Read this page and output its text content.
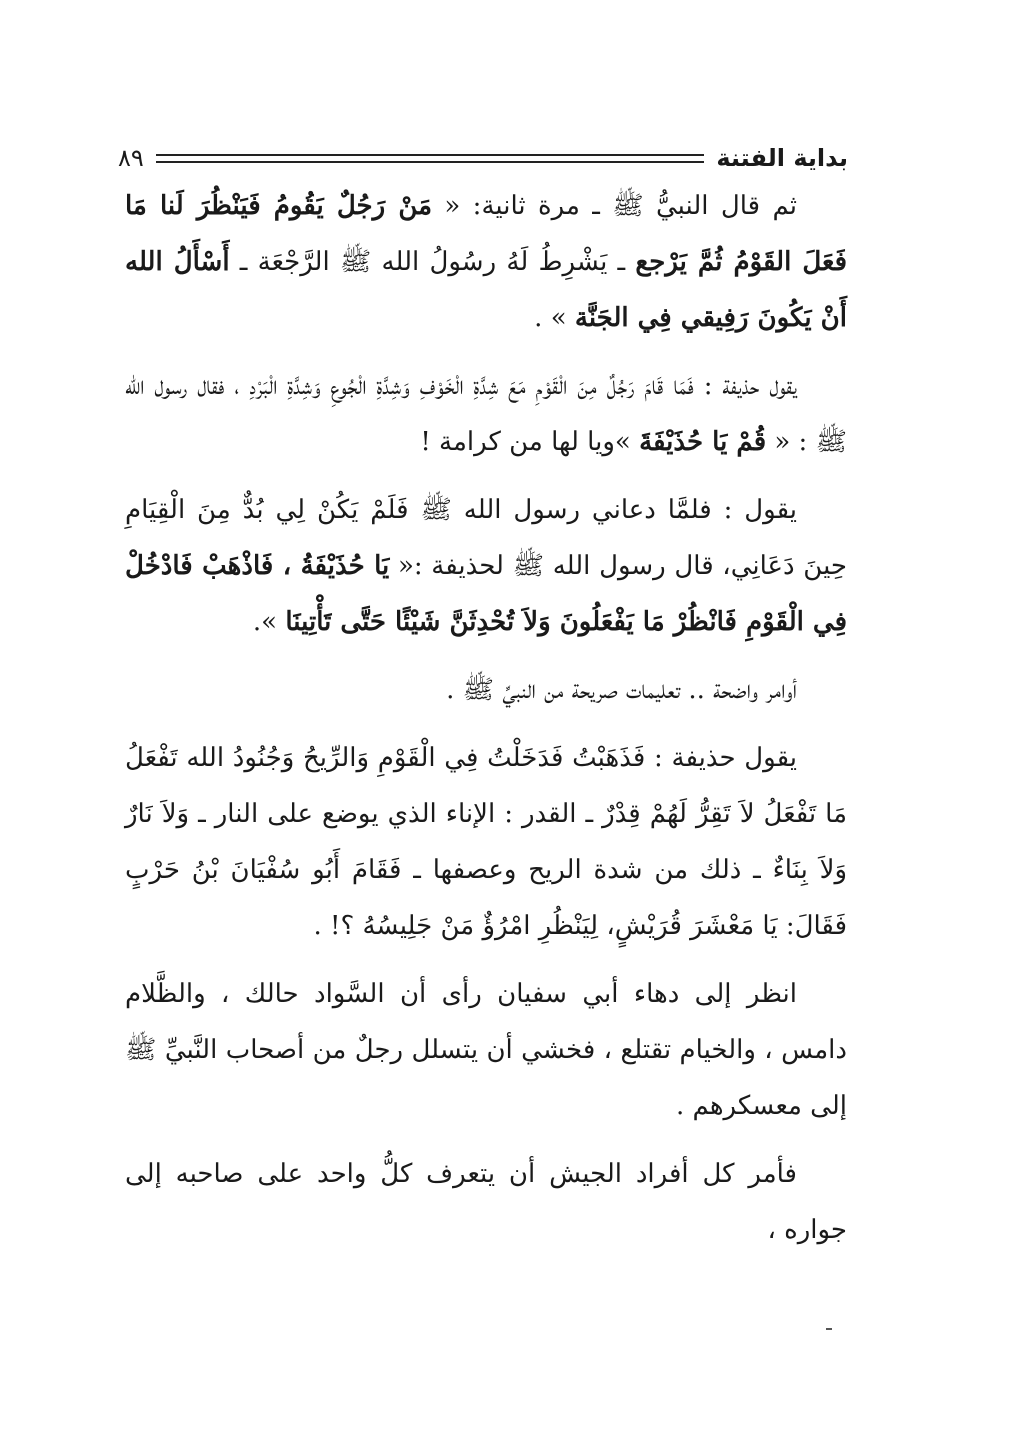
بداية الفتنة
٨٩

ثم قال النبيُّ ﷺ ـ مرة ثانية: « مَنْ رَجُلٌ يَقُومُ فَيَنْظُرَ لَنا مَا فَعَلَ القَوْمُ ثُمَّ يَرْجع ـ يَشْرِطُ لَهُ رسُولُ الله ﷺ الرَّجْعَة ـ أَسْأَلُ الله أَنْ يَكُونَ رَفِيقي فِي الجَنَّة » .

يقول حذيفة : فَمَا قَامَ رَجُلٌ مِنَ الْقَوْمِ مَعَ شِدَّةِ الْخَوْفِ وَشِدَّةِ الْجُوعِ وَشِدَّةِ الْبَرْدِ ، فقال رسول الله ﷺ : « قُمْ يَا حُذَيْفَةَ »ويا لها من كرامة !

يقول : فلمَّا دعاني رسول الله ﷺ فَلَمْ يَكُنْ لِي بُدٌّ مِنَ الْقِيَامِ حِينَ دَعَانِي، قال رسول الله ﷺ لحذيفة :« يَا حُذَيْفَةُ ، فَاذْهَبْ فَادْخُلْ فِي الْقَوْمِ فَانْظُرْ مَا يَفْعَلُونَ وَلاَ تُحْدِثَنَّ شَيْئًا حَتَّى تَأْتِينَا ».

أوامر واضحة .. تعليمات صريحة من النبيِّ ﷺ .

يقول حذيفة : فَذَهَبْتُ فَدَخَلْتُ فِي الْقَوْمِ وَالرِّيحُ وَجُنُودُ الله تَفْعَلُ مَا تَفْعَلُ لاَ تَقِرُّ لَهُمْ قِدْرٌ ـ القدر : الإناء الذي يوضع على النار ـ وَلاَ نَارٌ وَلاَ بِنَاءٌ ـ ذلك من شدة الريح وعصفها ـ فَقَامَ أَبُو سُفْيَانَ بْنُ حَرْبٍ فَقَالَ: يَا مَعْشَرَ قُرَيْشٍ، لِيَنْظُرِ امْرُؤٌ مَنْ جَلِيسُهُ ؟! .

انظر إلى دهاء أبي سفيان رأى أن السَّواد حالك ، والظَّلام دامس ، والخيام تقتلع ، فخشي أن يتسلل رجلٌ من أصحاب النَّبيِّ ﷺ إلى معسكرهم .

فأمر كل أفراد الجيش أن يتعرف كلُّ واحد على صاحبه إلى جواره ،
